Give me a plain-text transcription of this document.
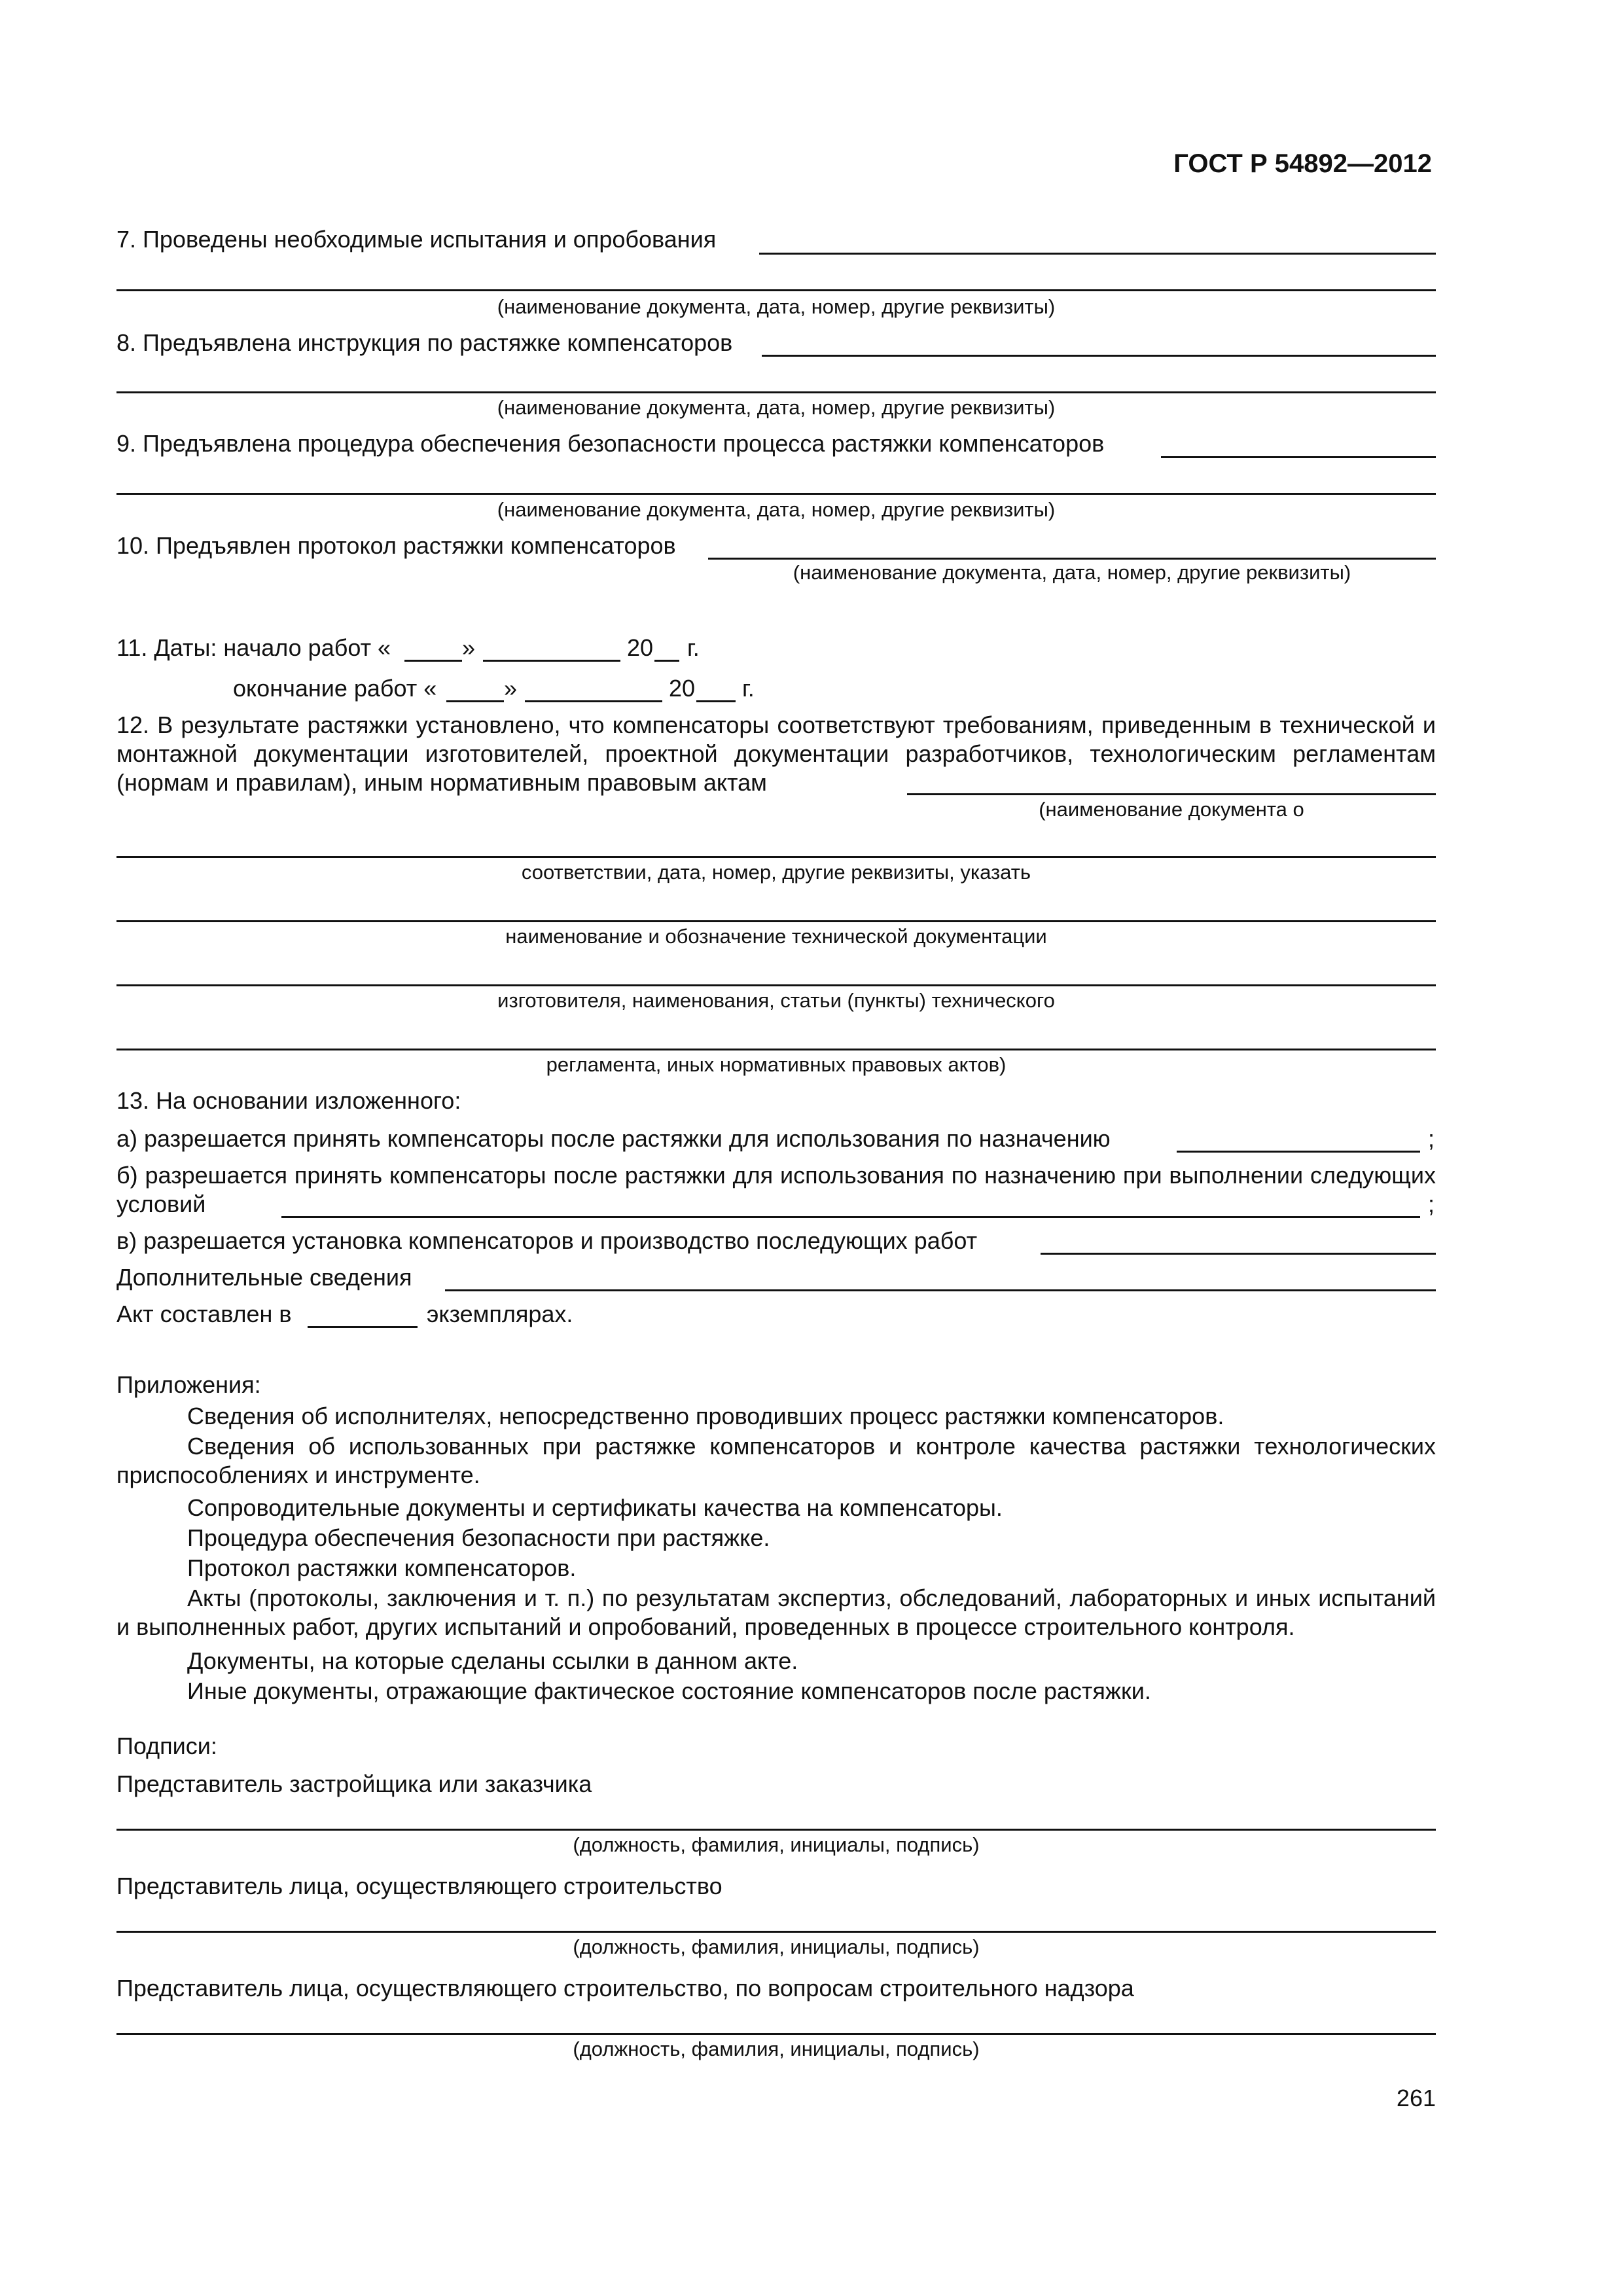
ГОСТ Р 54892—2012
7. Проведены необходимые испытания и опробования
(наименование документа, дата, номер, другие реквизиты)
8. Предъявлена инструкция по растяжке компенсаторов
(наименование документа, дата, номер, другие реквизиты)
9. Предъявлена процедура обеспечения безопасности процесса растяжки компенсаторов
(наименование документа, дата, номер, другие реквизиты)
10. Предъявлен протокол растяжки компенсаторов
(наименование документа, дата, номер, другие реквизиты)
11. Даты: начало работ «	»	20 г.
окончание работ «	»	20 г.
12. В результате растяжки установлено, что компенсаторы соответствуют требованиям, приведенным в технической и монтажной документации изготовителей, проектной документации разработчиков, технологическим регламентам (нормам и правилам), иным нормативным правовым актам
(наименование документа о
соответствии, дата, номер, другие реквизиты, указать
наименование и обозначение технической документации
изготовителя, наименования, статьи (пункты) технического
регламента, иных нормативных правовых актов)
13. На основании изложенного:
а) разрешается принять компенсаторы после растяжки для использования по назначению	;
б) разрешается принять компенсаторы после растяжки для использования по назначению при выполнении следующих условий	;
в) разрешается установка компенсаторов и производство последующих работ
Дополнительные сведения
Акт составлен в	экземплярах.
Приложения:
Сведения об исполнителях, непосредственно проводивших процесс растяжки компенсаторов.
Сведения об использованных при растяжке компенсаторов и контроле качества растяжки технологических приспособлениях и инструменте.
Сопроводительные документы и сертификаты качества на компенсаторы.
Процедура обеспечения безопасности при растяжке.
Протокол растяжки компенсаторов.
Акты (протоколы, заключения и т. п.) по результатам экспертиз, обследований, лабораторных и иных испытаний и выполненных работ, других испытаний и опробований, проведенных в процессе строительного контроля.
Документы, на которые сделаны ссылки в данном акте.
Иные документы, отражающие фактическое состояние компенсаторов после растяжки.
Подписи:
Представитель застройщика или заказчика
(должность, фамилия, инициалы, подпись)
Представитель лица, осуществляющего строительство
(должность, фамилия, инициалы, подпись)
Представитель лица, осуществляющего строительство, по вопросам строительного надзора
(должность, фамилия, инициалы, подпись)
261
